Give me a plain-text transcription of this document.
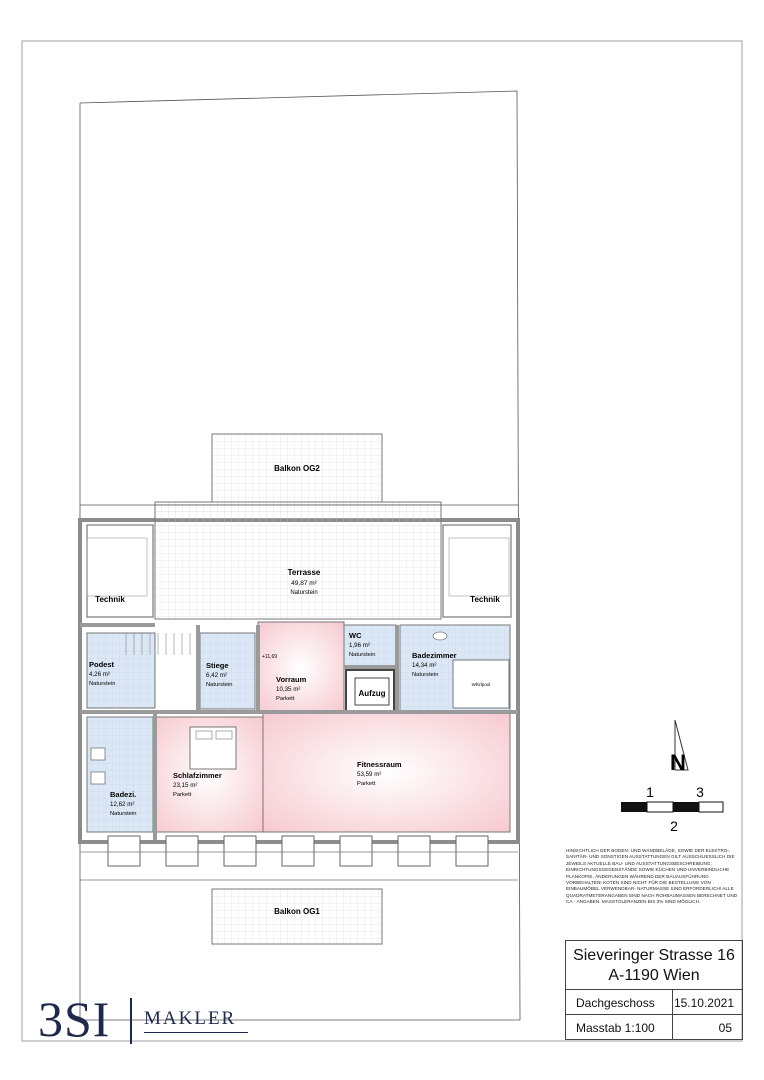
Balkon OG2
Terrasse
49,87 m²
Naturstein
Technik	Technik
Podest
4,26 m²
Naturstein
Stiege
6,42 m²
Naturstein
+11,69
Vorraum
10,35 m²
Parkett
WC
1,96 m²
Naturstein
Aufzug
Badezimmer
14,34 m²
Naturstein
Whirlpool
Badezi.
12,62 m²
Naturstein
Schlafzimmer
23,15 m²
Parkett
Fitnessraum
53,59 m²
Parkett
Balkon OG1
N
1	3
2
HINSICHTLICH DER BODEN- UND WANDBELÄGE, SOWIE DER ELEKTRO-, SANITÄR- UND SONSTIGEN AUSSTATTUNGEN GILT AUSSCHLIESSLICH DIE JEWEILS AKTUELLE BAU- UND AUSSTATTUNGSBESCHREIBUNG; EINRICHTUNGSGEGENSTÄNDE SOWIE KÜCHEN UND UNVERBINDLICHE PLANKOPIE, ÄNDERUNGEN WÄHREND DER BAUAUSFÜHRUNG VORBEHALTEN! KOTEN SIND NICHT FÜR DIE BESTELLUNG VON EINBAUMÖBEL VERWENDBAR- NATURMASSE SIND ERFORDERLICH! ALLE QUADRATMETERANGABEN SIND NACH ROHBAUMASSEN BERECHNET UND CA.- ANGABEN. MASSTOLERANZEN BIS 3% SIND MÖGLICH.
Sieveringer Strasse 16
A-1190 Wien
Dachgeschoss 15.10.2021
Masstab 1:100	05
3SI MAKLER
